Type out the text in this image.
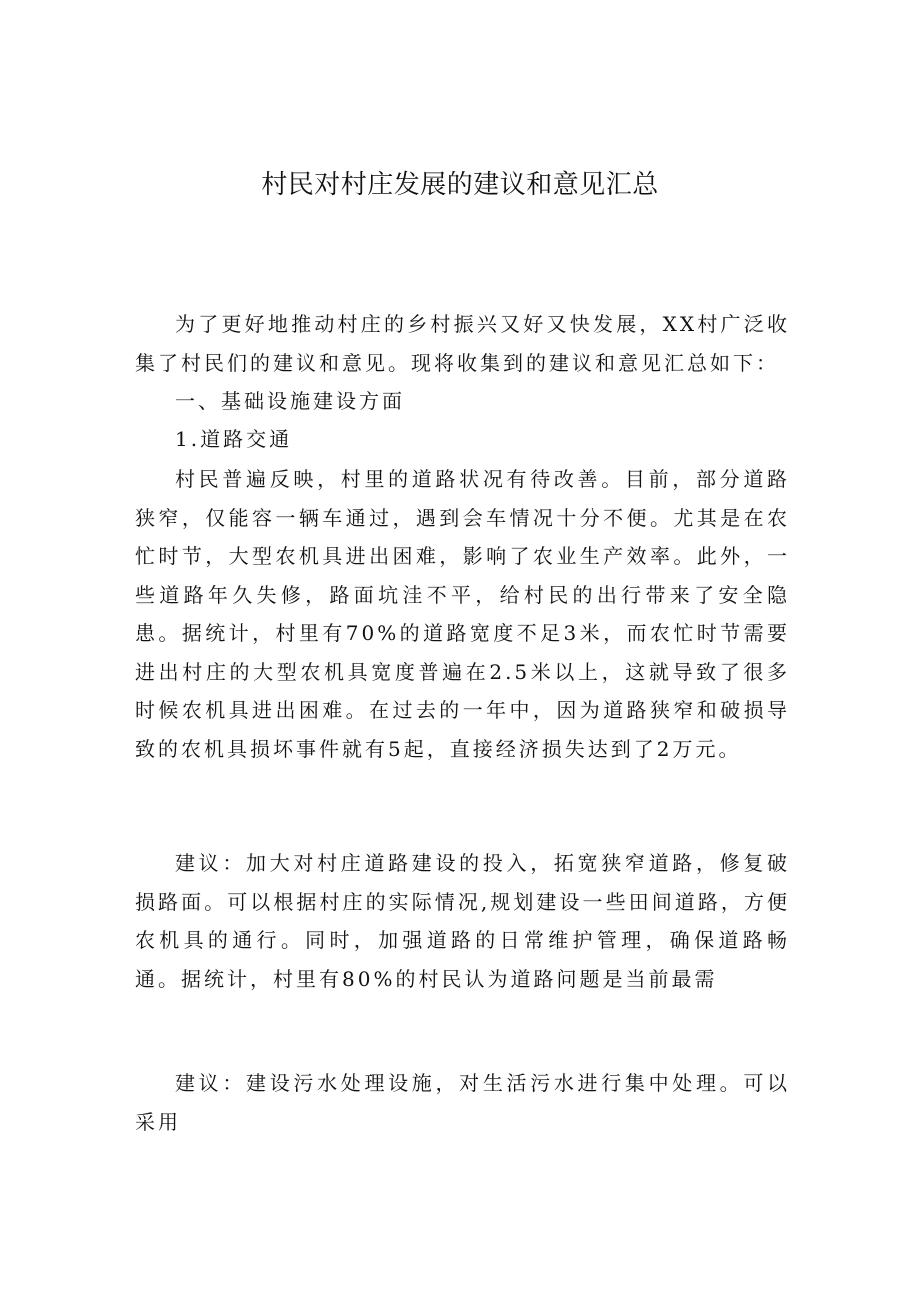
村民对村庄发展的建议和意见汇总

为了更好地推动村庄的乡村振兴又好又快发展，XX村广泛收集了村民们的建议和意见。现将收集到的建议和意见汇总如下：

一、基础设施建设方面

1.道路交通

村民普遍反映，村里的道路状况有待改善。目前，部分道路狭窄，仅能容一辆车通过，遇到会车情况十分不便。尤其是在农忙时节，大型农机具进出困难，影响了农业生产效率。此外，一些道路年久失修，路面坑洼不平，给村民的出行带来了安全隐患。据统计，村里有70%的道路宽度不足3米，而农忙时节需要进出村庄的大型农机具宽度普遍在2.5米以上，这就导致了很多时候农机具进出困难。在过去的一年中，因为道路狭窄和破损导致的农机具损坏事件就有5起，直接经济损失达到了2万元。

建议：加大对村庄道路建设的投入，拓宽狭窄道路，修复破损路面。可以根据村庄的实际情况,规划建设一些田间道路，方便农机具的通行。同时，加强道路的日常维护管理，确保道路畅通。据统计，村里有80%的村民认为道路问题是当前最需

建议：建设污水处理设施，对生活污水进行集中处理。可以采用
